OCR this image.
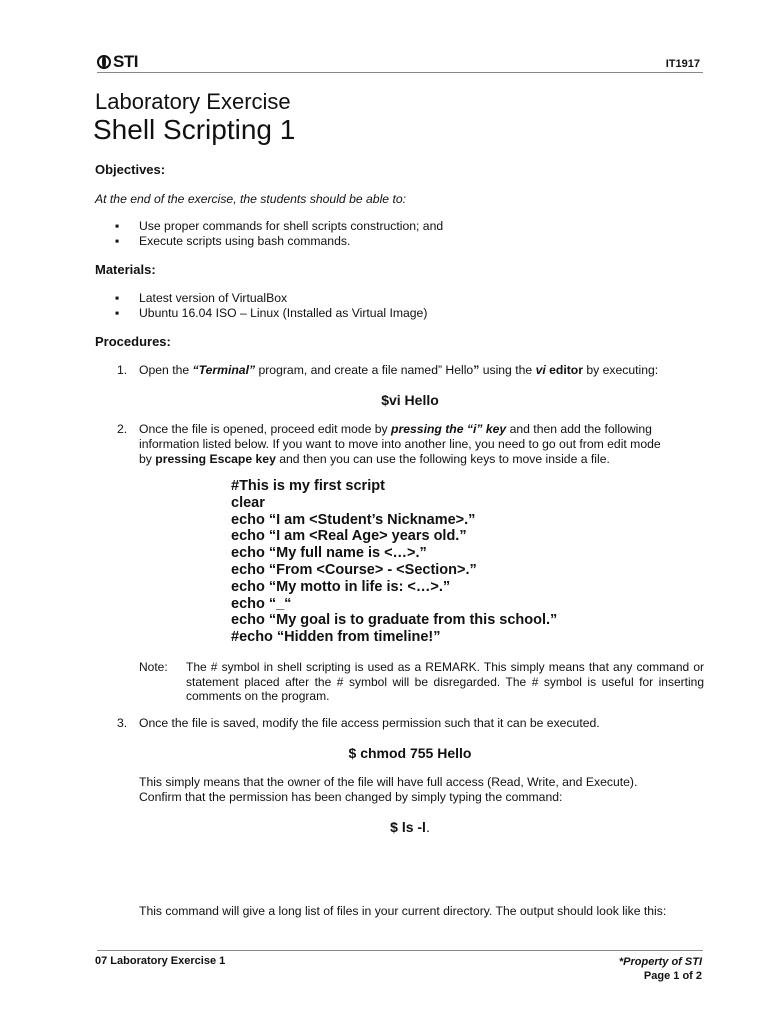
STI	IT1917
Laboratory Exercise
Shell Scripting 1
Objectives:
At the end of the exercise, the students should be able to:
▪ Use proper commands for shell scripts construction; and
▪ Execute scripts using bash commands.
Materials:
▪ Latest version of VirtualBox
▪ Ubuntu 16.04 ISO – Linux (Installed as Virtual Image)
Procedures:
1. Open the “Terminal” program, and create a file named” Hello” using the vi editor by executing:
$vi Hello
2. Once the file is opened, proceed edit mode by pressing the “i” key and then add the following
information listed below. If you want to move into another line, you need to go out from edit mode
by pressing Escape key and then you can use the following keys to move inside a file.
#This is my first script
clear
echo “I am <Student’s Nickname>.”
echo “I am <Real Age> years old.”
echo “My full name is <…>.”
echo “From <Course> - <Section>.”
echo “My motto in life is: <…>.”
echo “_“
echo “My goal is to graduate from this school.”
#echo “Hidden from timeline!”
Note: The # symbol in shell scripting is used as a REMARK. This simply means that any command or statement placed after the # symbol will be disregarded. The # symbol is useful for inserting comments on the program.
3. Once the file is saved, modify the file access permission such that it can be executed.
$ chmod 755 Hello
This simply means that the owner of the file will have full access (Read, Write, and Execute).
Confirm that the permission has been changed by simply typing the command:
$ ls -l.
This command will give a long list of files in your current directory. The output should look like this:
07 Laboratory Exercise 1	*Property of STI
Page 1 of 2
